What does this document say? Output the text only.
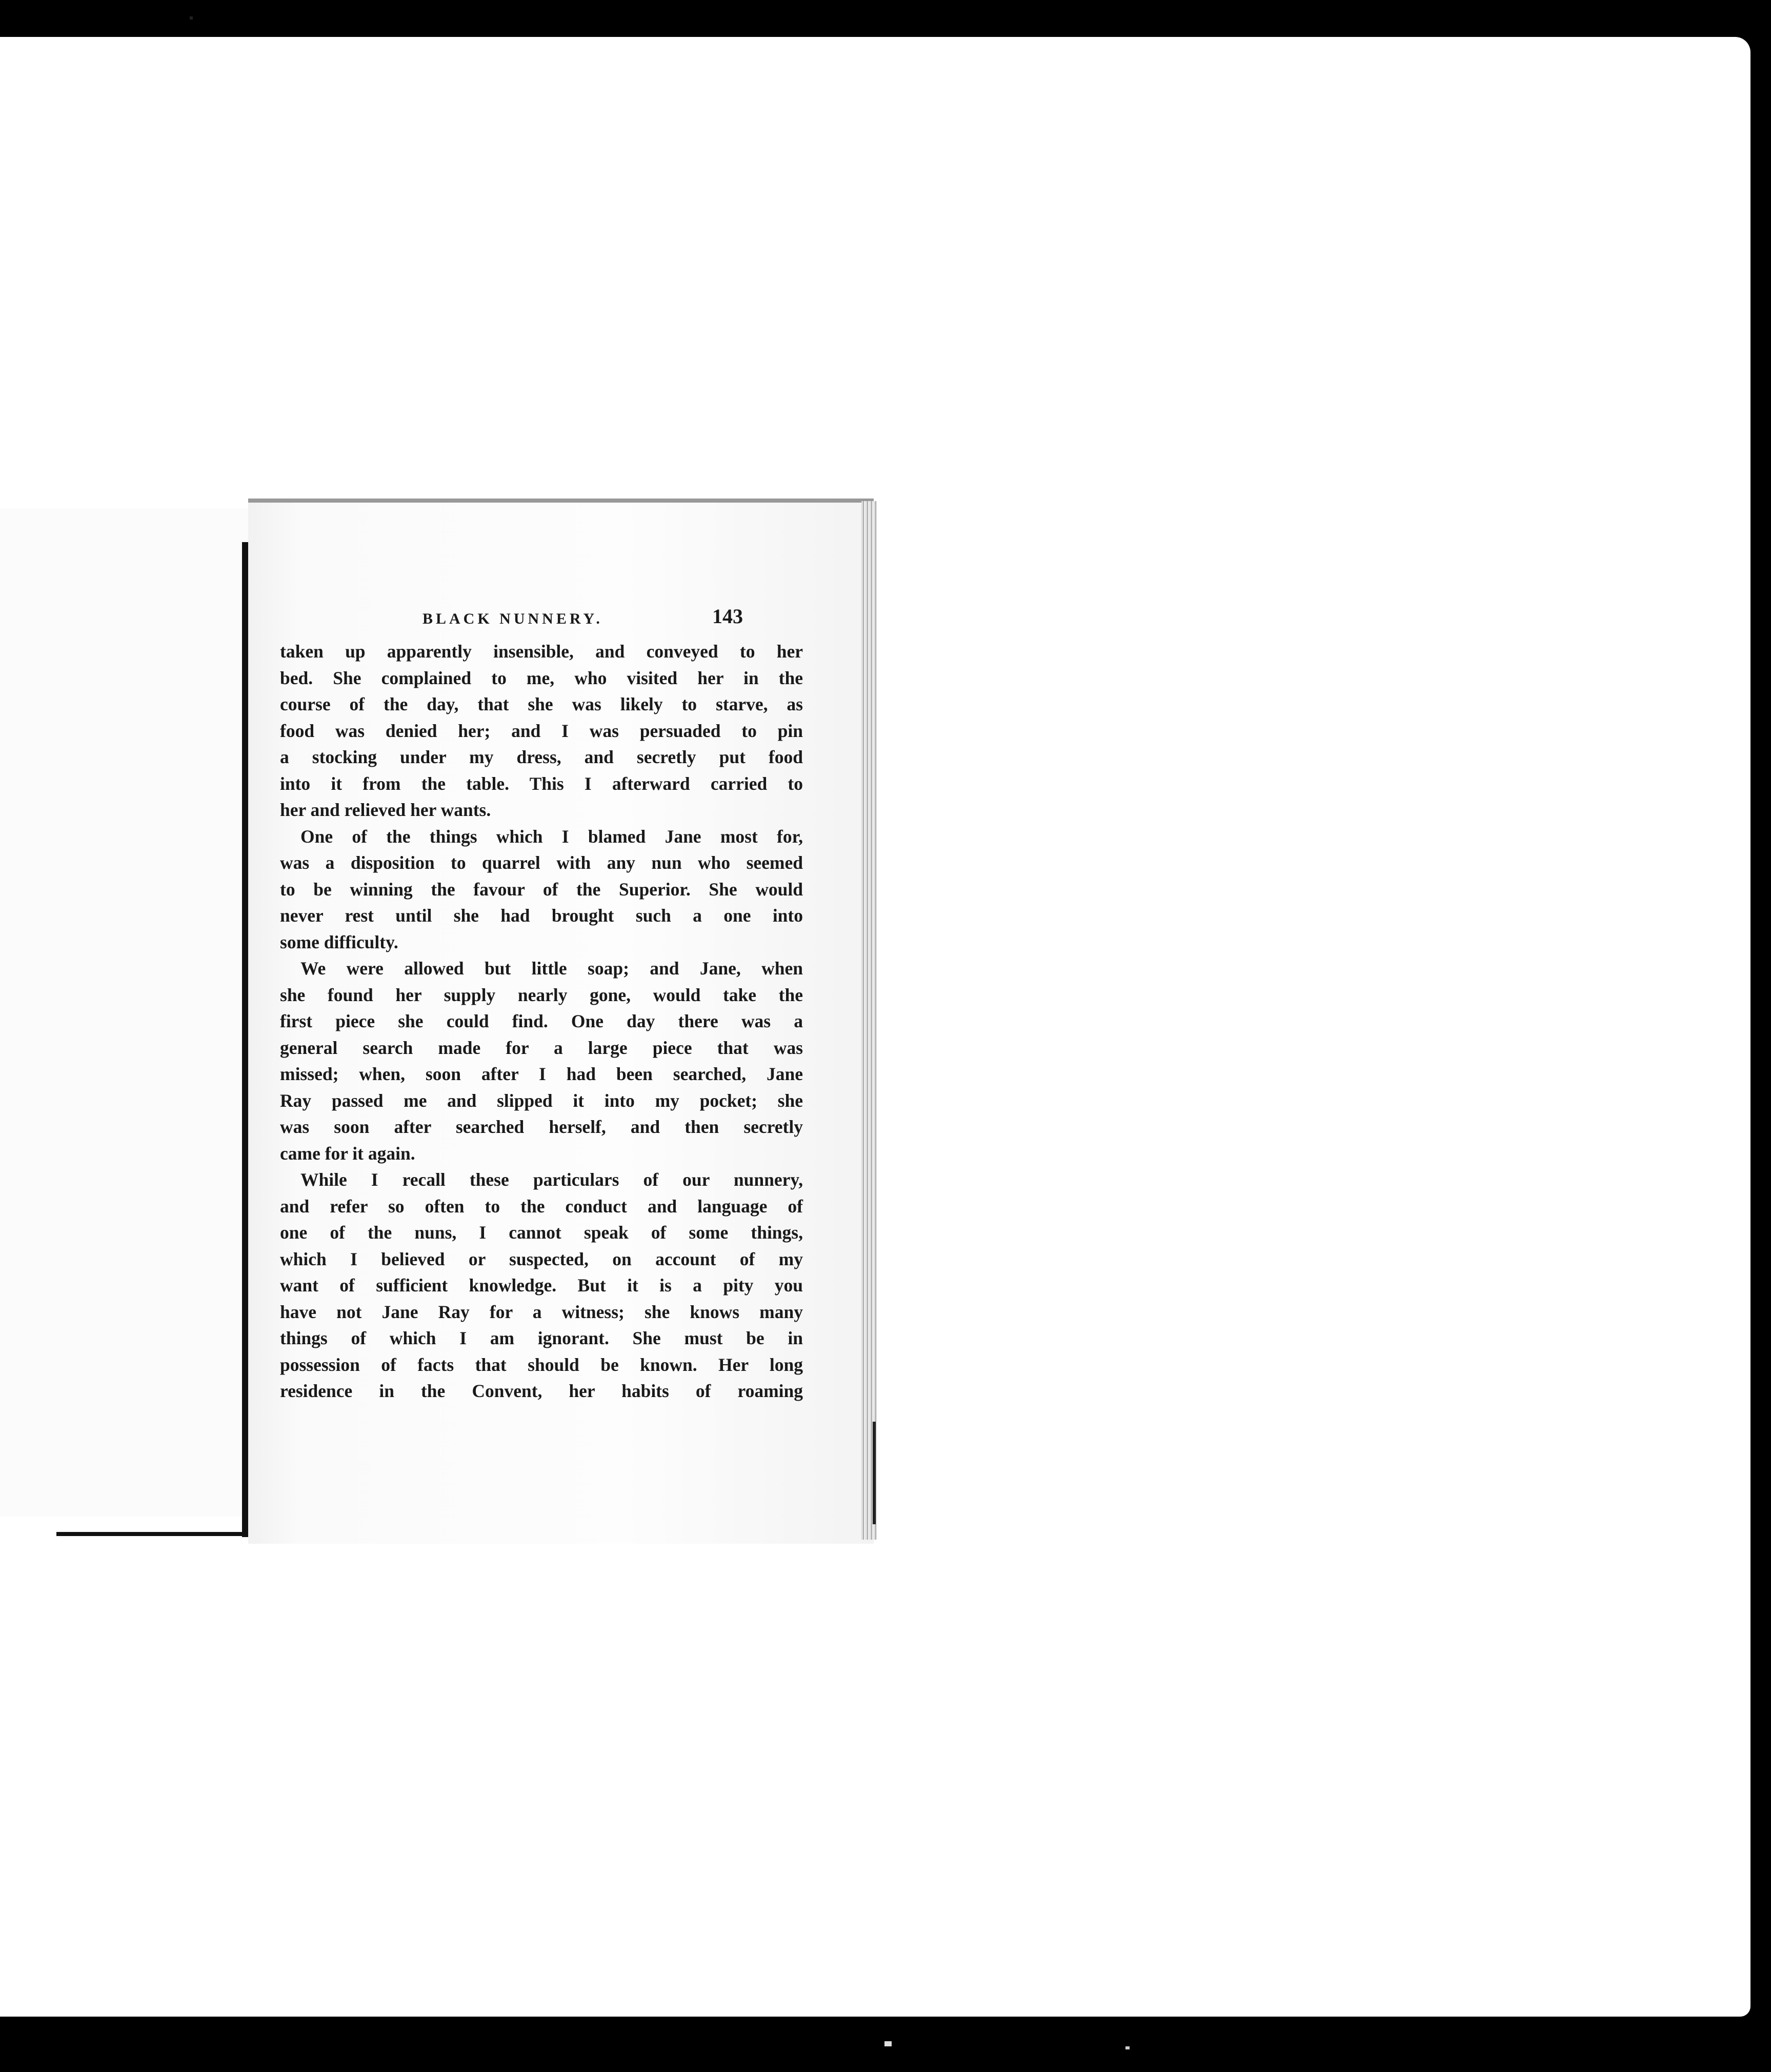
BLACK NUNNERY.	143
taken up apparently insensible, and conveyed to her
bed. She complained to me, who visited her in the
course of the day, that she was likely to starve, as
food was denied her; and I was persuaded to pin
a stocking under my dress, and secretly put food
into it from the table. This I afterward carried to
her and relieved her wants.
One of the things which I blamed Jane most for,
was a disposition to quarrel with any nun who seemed
to be winning the favour of the Superior. She would
never rest until she had brought such a one into
some difficulty.
We were allowed but little soap; and Jane, when
she found her supply nearly gone, would take the
first piece she could find. One day there was a
general search made for a large piece that was
missed; when, soon after I had been searched, Jane
Ray passed me and slipped it into my pocket; she
was soon after searched herself, and then secretly
came for it again.
While I recall these particulars of our nunnery,
and refer so often to the conduct and language of
one of the nuns, I cannot speak of some things,
which I believed or suspected, on account of my
want of sufficient knowledge. But it is a pity you
have not Jane Ray for a witness; she knows many
things of which I am ignorant. She must be in
possession of facts that should be known. Her long
residence in the Convent, her habits of roaming
